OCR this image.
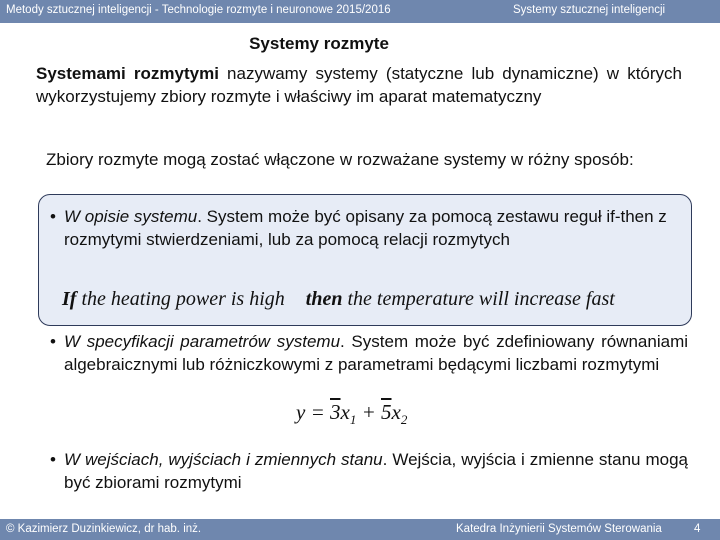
Metody sztucznej inteligencji - Technologie rozmyte i neuronowe 2015/2016	Systemy sztucznej inteligencji
Systemy rozmyte
Systemami rozmytymi nazywamy systemy (statyczne lub dynamiczne) w których wykorzystujemy zbiory rozmyte i właściwy im aparat matematyczny
Zbiory rozmyte mogą zostać włączone w rozważane systemy w różny sposób:
• W opisie systemu. System może być opisany za pomocą zestawu reguł if-then z rozmytymi stwierdzeniami, lub za pomocą relacji rozmytych
If the heating power is high then the temperature will increase fast
• W specyfikacji parametrów systemu. System może być zdefiniowany równaniami algebraicznymi lub różniczkowymi z parametrami będącymi liczbami rozmytymi
$y = 3x_1 + 5x_2$
• W wejściach, wyjściach i zmiennych stanu. Wejścia, wyjścia i zmienne stanu mogą być zbiorami rozmytymi
© Kazimierz Duzinkiewicz, dr hab. inż.	Katedra Inżynierii Systemów Sterowania	4
